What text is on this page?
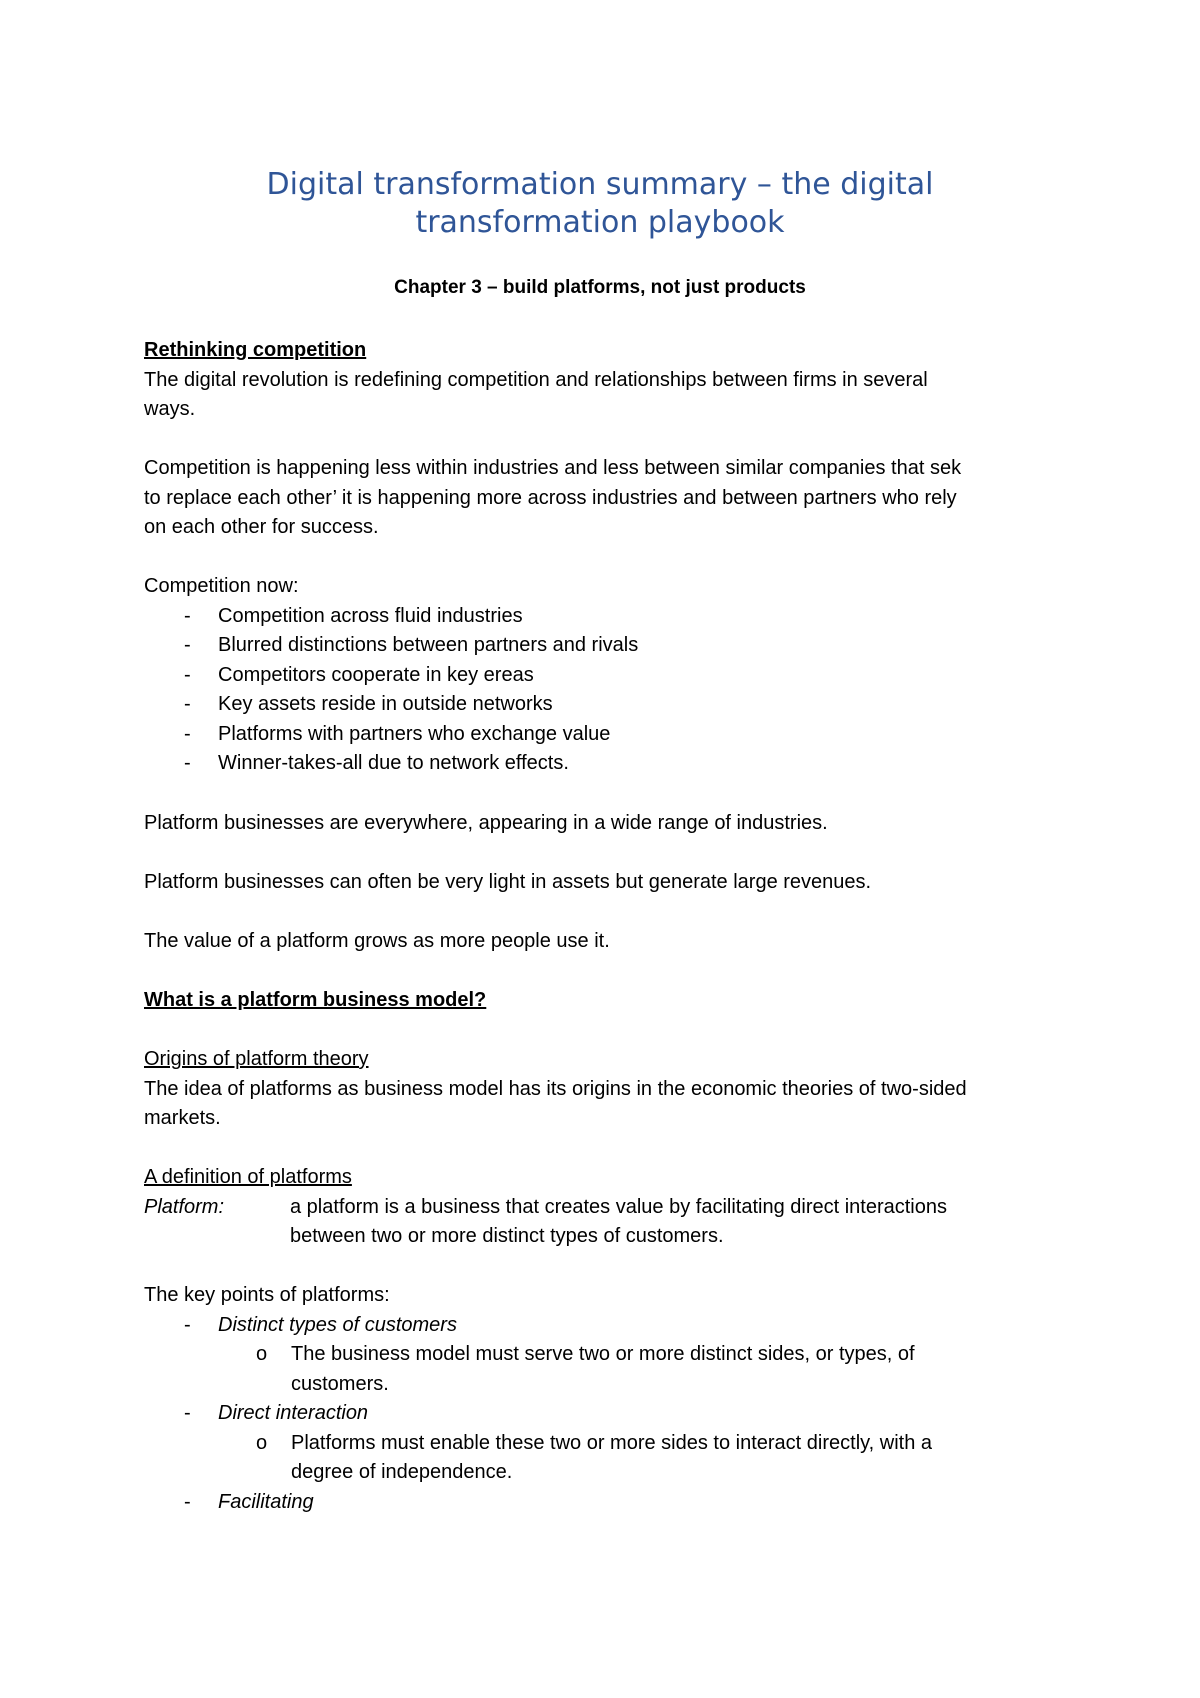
Digital transformation summary – the digital
transformation playbook
Chapter 3 – build platforms, not just products

Rethinking competition

The digital revolution is redefining competition and relationships between firms in several

ways.

Competition is happening less within industries and less between similar companies that sek

to replace each other’ it is happening more across industries and between partners who rely

on each other for success.

Competition now:

- Competition across fluid industries
- Blurred distinctions between partners and rivals
- Competitors cooperate in key ereas
- Key assets reside in outside networks
- Platforms with partners who exchange value
- Winner-takes-all due to network effects.

Platform businesses are everywhere, appearing in a wide range of industries.

Platform businesses can often be very light in assets but generate large revenues.

The value of a platform grows as more people use it.

What is a platform business model?

Origins of platform theory

The idea of platforms as business model has its origins in the economic theories of two-sided

markets.

A definition of platforms

Platform:	a platform is a business that creates value by facilitating direct interactions
between two or more distinct types of customers.

The key points of platforms:

- Distinct types of customers
o The business model must serve two or more distinct sides, or types, of
customers.
- Direct interaction
o Platforms must enable these two or more sides to interact directly, with a
degree of independence.
- Facilitating
